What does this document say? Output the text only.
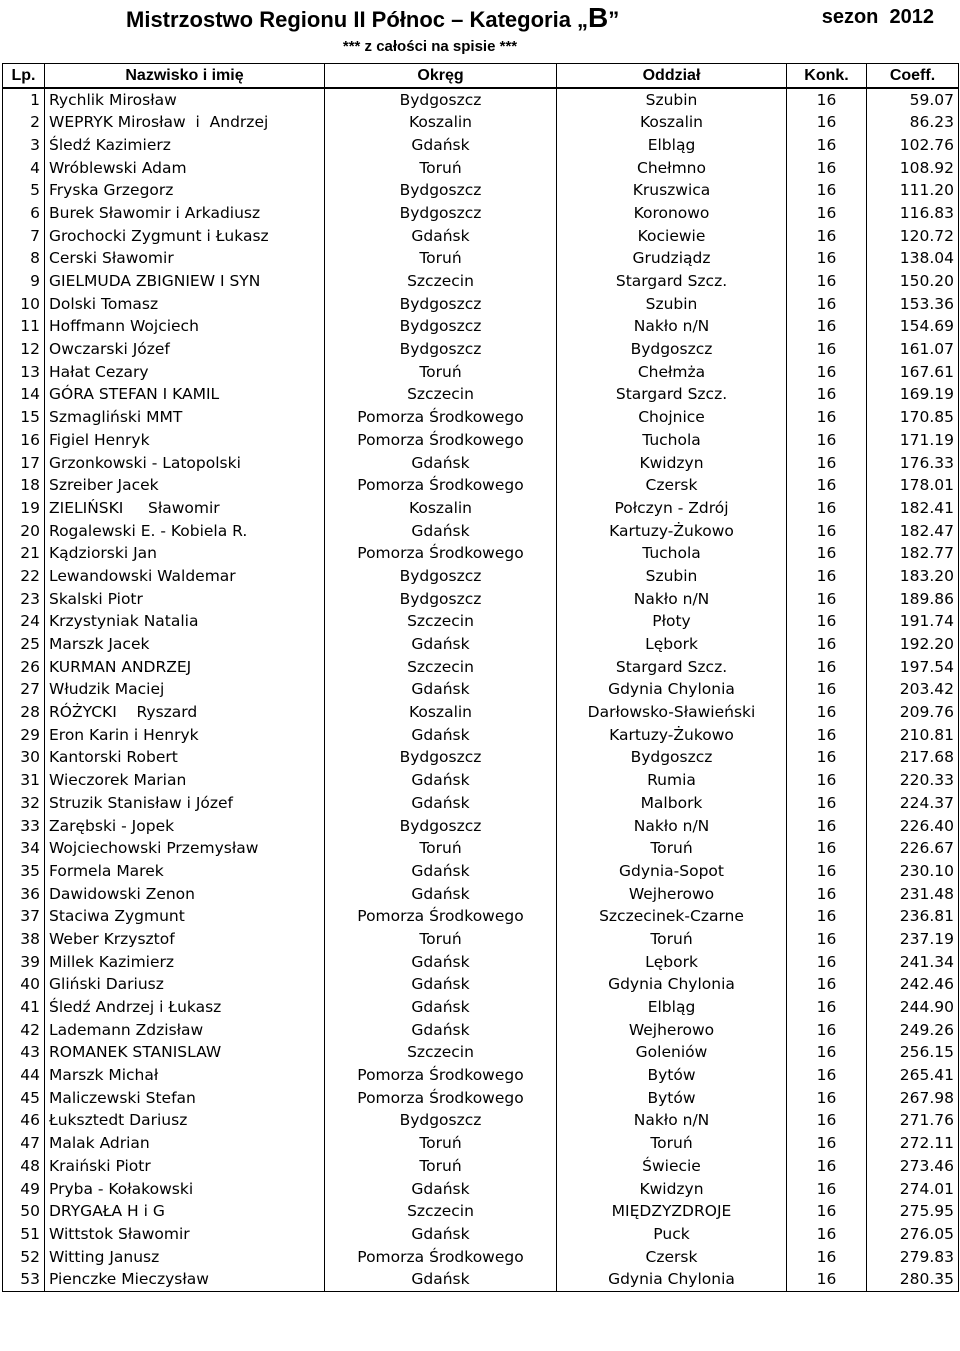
Mistrzostwo Regionu II Północ – Kategoria „B”	sezon  2012
*** z całości na spisie ***
Lp.	Nazwisko i imię	Okręg	Oddział	Konk.	Coeff.
1	Rychlik Mirosław	Bydgoszcz	Szubin	16	59.07
2	WEPRYK Mirosław  i  Andrzej	Koszalin	Koszalin	16	86.23
3	Śledź Kazimierz	Gdańsk	Elbląg	16	102.76
4	Wróblewski Adam	Toruń	Chełmno	16	108.92
5	Fryska Grzegorz	Bydgoszcz	Kruszwica	16	111.20
6	Burek Sławomir i Arkadiusz	Bydgoszcz	Koronowo	16	116.83
7	Grochocki Zygmunt i Łukasz	Gdańsk	Kociewie	16	120.72
8	Cerski Sławomir	Toruń	Grudziądz	16	138.04
9	GIELMUDA ZBIGNIEW I SYN	Szczecin	Stargard Szcz.	16	150.20
10	Dolski Tomasz	Bydgoszcz	Szubin	16	153.36
11	Hoffmann Wojciech	Bydgoszcz	Nakło n/N	16	154.69
12	Owczarski Józef	Bydgoszcz	Bydgoszcz	16	161.07
13	Hałat Cezary	Toruń	Chełmża	16	167.61
14	GÓRA STEFAN I KAMIL	Szczecin	Stargard Szcz.	16	169.19
15	Szmagliński MMT	Pomorza Środkowego	Chojnice	16	170.85
16	Figiel Henryk	Pomorza Środkowego	Tuchola	16	171.19
17	Grzonkowski - Latopolski	Gdańsk	Kwidzyn	16	176.33
18	Szreiber Jacek	Pomorza Środkowego	Czersk	16	178.01
19	ZIELIŃSKI     Sławomir	Koszalin	Połczyn - Zdrój	16	182.41
20	Rogalewski E. - Kobiela R.	Gdańsk	Kartuzy-Żukowo	16	182.47
21	Kądziorski Jan	Pomorza Środkowego	Tuchola	16	182.77
22	Lewandowski Waldemar	Bydgoszcz	Szubin	16	183.20
23	Skalski Piotr	Bydgoszcz	Nakło n/N	16	189.86
24	Krzystyniak Natalia	Szczecin	Płoty	16	191.74
25	Marszk Jacek	Gdańsk	Lębork	16	192.20
26	KURMAN ANDRZEJ	Szczecin	Stargard Szcz.	16	197.54
27	Włudzik Maciej	Gdańsk	Gdynia Chylonia	16	203.42
28	RÓŻYCKI    Ryszard	Koszalin	Darłowsko-Sławieński	16	209.76
29	Eron Karin i Henryk	Gdańsk	Kartuzy-Żukowo	16	210.81
30	Kantorski Robert	Bydgoszcz	Bydgoszcz	16	217.68
31	Wieczorek Marian	Gdańsk	Rumia	16	220.33
32	Struzik Stanisław i Józef	Gdańsk	Malbork	16	224.37
33	Zarębski - Jopek	Bydgoszcz	Nakło n/N	16	226.40
34	Wojciechowski Przemysław	Toruń	Toruń	16	226.67
35	Formela Marek	Gdańsk	Gdynia-Sopot	16	230.10
36	Dawidowski Zenon	Gdańsk	Wejherowo	16	231.48
37	Staciwa Zygmunt	Pomorza Środkowego	Szczecinek-Czarne	16	236.81
38	Weber Krzysztof	Toruń	Toruń	16	237.19
39	Millek Kazimierz	Gdańsk	Lębork	16	241.34
40	Gliński Dariusz	Gdańsk	Gdynia Chylonia	16	242.46
41	Śledź Andrzej i Łukasz	Gdańsk	Elbląg	16	244.90
42	Lademann Zdzisław	Gdańsk	Wejherowo	16	249.26
43	ROMANEK STANISLAW	Szczecin	Goleniów	16	256.15
44	Marszk Michał	Pomorza Środkowego	Bytów	16	265.41
45	Maliczewski Stefan	Pomorza Środkowego	Bytów	16	267.98
46	Łuksztedt Dariusz	Bydgoszcz	Nakło n/N	16	271.76
47	Malak Adrian	Toruń	Toruń	16	272.11
48	Kraiński Piotr	Toruń	Świecie	16	273.46
49	Pryba - Kołakowski	Gdańsk	Kwidzyn	16	274.01
50	DRYGAŁA H i G	Szczecin	MIĘDZYZDROJE	16	275.95
51	Wittstok Sławomir	Gdańsk	Puck	16	276.05
52	Witting Janusz	Pomorza Środkowego	Czersk	16	279.83
53	Pienczke Mieczysław	Gdańsk	Gdynia Chylonia	16	280.35
